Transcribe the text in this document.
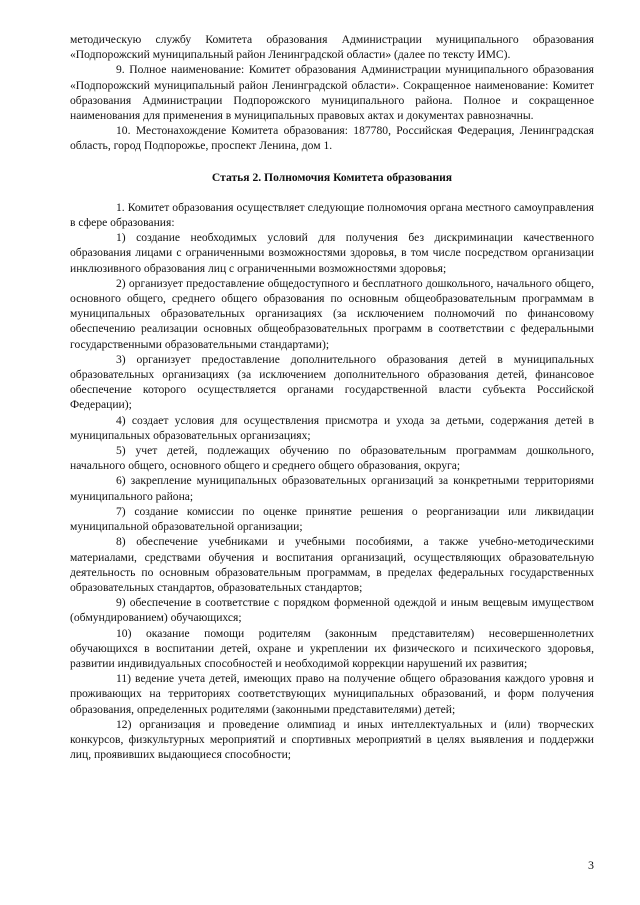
методическую службу Комитета образования Администрации муниципального образования «Подпорожский муниципальный район Ленинградской области» (далее по тексту ИМС).

9. Полное наименование: Комитет образования Администрации муниципального образования «Подпорожский муниципальный район Ленинградской области». Сокращенное наименование: Комитет образования Администрации Подпорожского муниципального района. Полное и сокращенное наименования для применения в муниципальных правовых актах и документах равнозначны.

10. Местонахождение Комитета образования: 187780, Российская Федерация, Ленинградская область, город Подпорожье, проспект Ленина, дом 1.

Статья 2. Полномочия Комитета образования

1. Комитет образования осуществляет следующие полномочия органа местного самоуправления в сфере образования:

1) создание необходимых условий для получения без дискриминации качественного образования лицами с ограниченными возможностями здоровья, в том числе посредством организации инклюзивного образования лиц с ограниченными возможностями здоровья;

2) организует предоставление общедоступного и бесплатного дошкольного, начального общего, основного общего, среднего общего образования по основным общеобразовательным программам в муниципальных образовательных организациях (за исключением полномочий по финансовому обеспечению реализации основных общеобразовательных программ в соответствии с федеральными государственными образовательными стандартами);

3) организует предоставление дополнительного образования детей в муниципальных образовательных организациях (за исключением дополнительного образования детей, финансовое обеспечение которого осуществляется органами государственной власти субъекта Российской Федерации);

4) создает условия для осуществления присмотра и ухода за детьми, содержания детей в муниципальных образовательных организациях;

5) учет детей, подлежащих обучению по образовательным программам дошкольного, начального общего, основного общего и среднего общего образования, округа;

6) закрепление муниципальных образовательных организаций за конкретными территориями муниципального района;

7) создание комиссии по оценке принятие решения о реорганизации или ликвидации муниципальной образовательной организации;

8) обеспечение учебниками и учебными пособиями, а также учебно-методическими материалами, средствами обучения и воспитания организаций, осуществляющих образовательную деятельность по основным образовательным программам, в пределах федеральных государственных образовательных стандартов, образовательных стандартов;

9) обеспечение в соответствие с порядком форменной одеждой и иным вещевым имуществом (обмундированием) обучающихся;

10) оказание помощи родителям (законным представителям) несовершеннолетних обучающихся в воспитании детей, охране и укреплении их физического и психического здоровья, развитии индивидуальных способностей и необходимой коррекции нарушений их развития;

11) ведение учета детей, имеющих право на получение общего образования каждого уровня и проживающих на территориях соответствующих муниципальных образований, и форм получения образования, определенных родителями (законными представителями) детей;

12) организация и проведение олимпиад и иных интеллектуальных и (или) творческих конкурсов, физкультурных мероприятий и спортивных мероприятий в целях выявления и поддержки лиц, проявивших выдающиеся способности;

3
